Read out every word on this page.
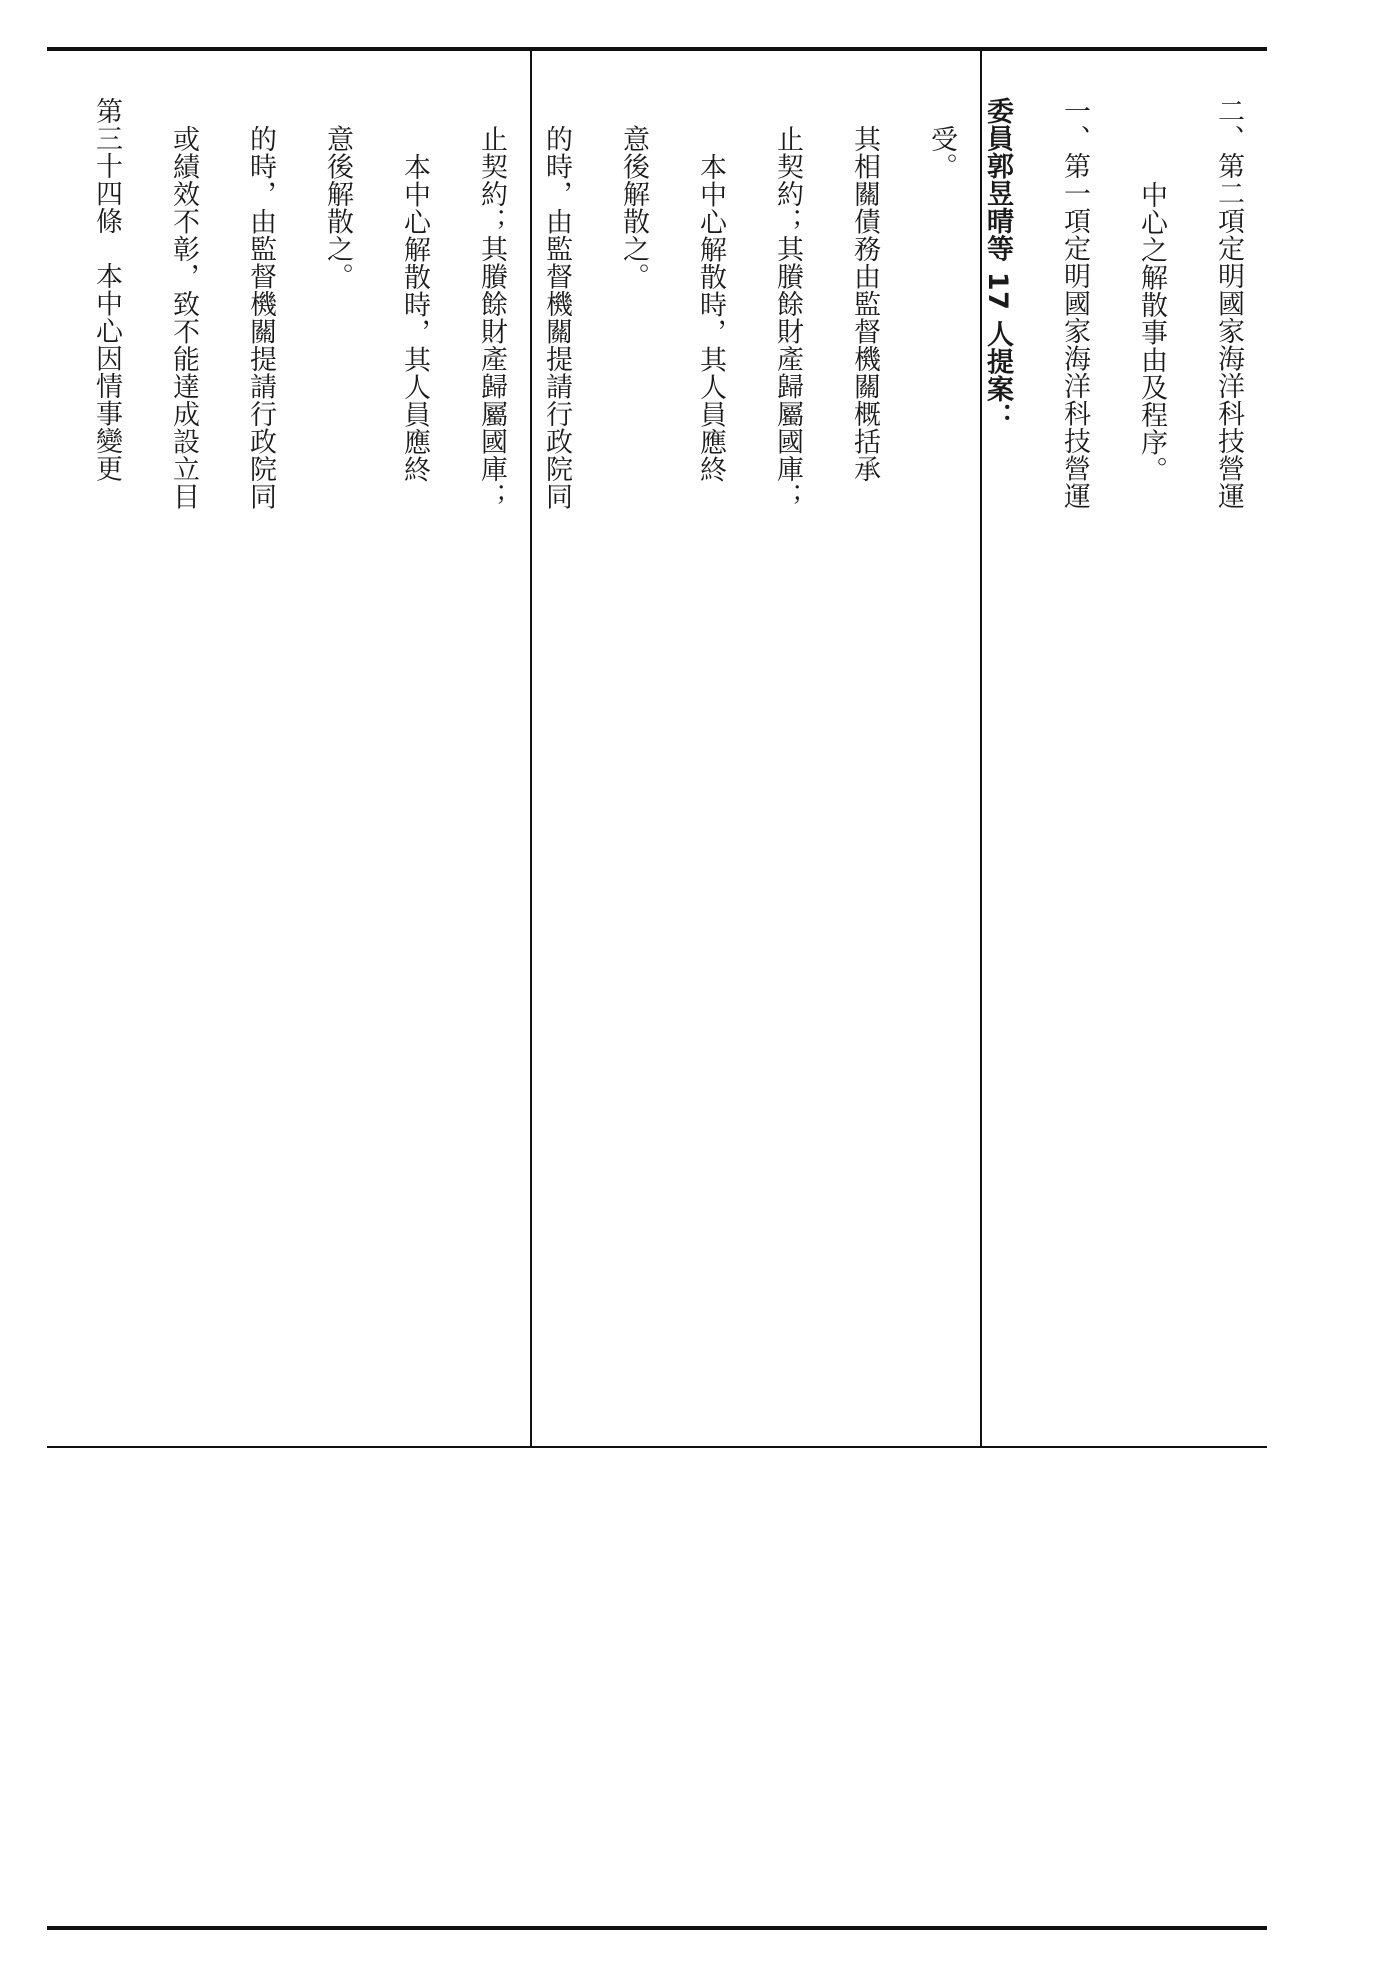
止契約；其賸餘財產歸屬國庫；
本中心解散時，其人員應終
意後解散之。
的時，由監督機關提請行政院同
或績效不彰，致不能達成設立目
第三十四條　本中心因情事變更	受。
其相關債務由監督機關概括承
止契約；其賸餘財產歸屬國庫；
本中心解散時，其人員應終
意後解散之。
的時，由監督機關提請行政院同	二、第二項定明國家海洋科技營運
中心之解散事由及程序。
一、第一項定明國家海洋科技營運
委員郭昱晴等 17 人提案：
